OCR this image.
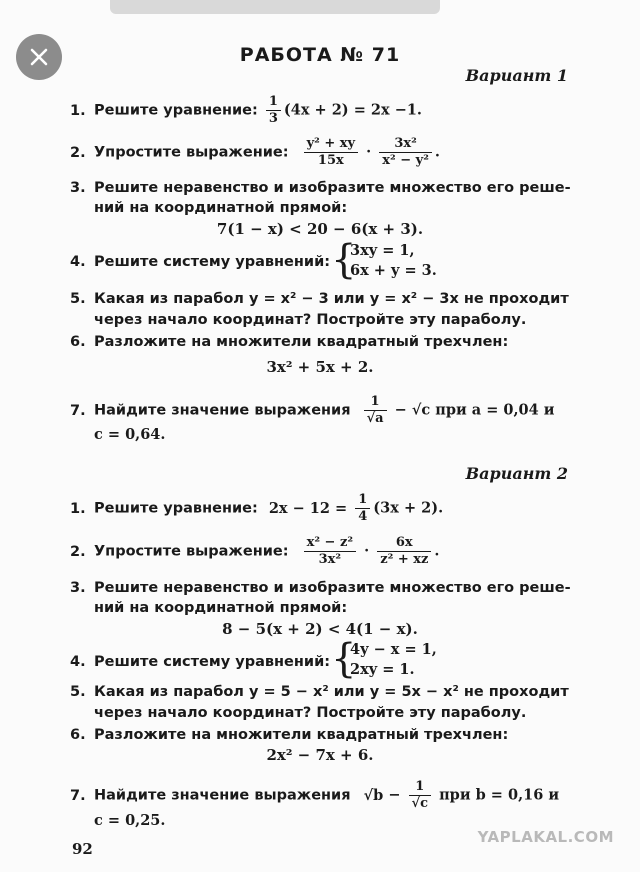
РАБОТА № 71
Вариант 1
1. Решите уравнение: $\frac{1}{3} (4x + 2) = 2x -1$.
2. Упростите выражение: $\frac{\text{y² + xy}}{15x} \cdot \frac{\text{3x²}}{\text{x² − y²}}$ .
3. Решите неравенство и изобразите множество его реше-
ний на координатной прямой:
7(1 − x) < 20 − 6(x + 3).
4. Решите систему уравнений: {
3xy = 1,
6x + y = 3.
5. Какая из парабол y = x² − 3 или y = x² − 3x не проходит
через начало координат? Постройте эту параболу.
6. Разложите на множители квадратный трехчлен:
3x² + 5x + 2.
7. Найдите значение выражения $\frac{1}{√a} - √c$ при a = 0,04 и
c = 0,64.
Вариант 2
1. Решите уравнение: $2x - 12 = \frac{1}{4} (3x + 2)$.
2. Упростите выражение: $\frac{\text{x² − z²}}{\text{3x²}} \cdot \frac{6x}{\text{z² + xz}}$ .
3. Решите неравенство и изобразите множество его реше-
ний на координатной прямой:
8 − 5(x + 2) < 4(1 − x).
4. Решите систему уравнений: {
4y − x = 1,
2xy = 1.
5. Какая из парабол y = 5 − x² или y = 5x − x² не проходит
через начало координат? Постройте эту параболу.
6. Разложите на множители квадратный трехчлен:
2x² − 7x + 6.
7. Найдите значение выражения $√b - \frac{1}{√c}$ при b = 0,16 и
c = 0,25.
92
YAPLAKAL.COM
